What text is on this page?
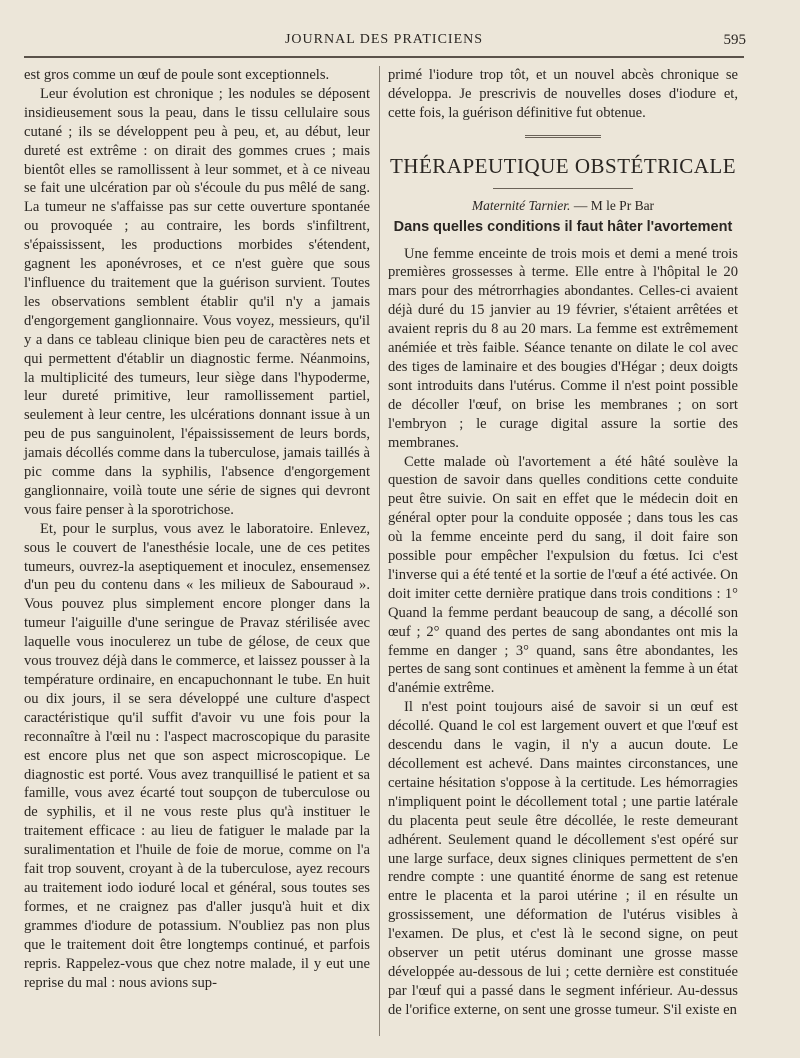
JOURNAL DES PRATICIENS	595

est gros comme un œuf de poule sont exceptionnels.

Leur évolution est chronique ; les nodules se déposent insidieusement sous la peau, dans le tissu cellulaire sous cutané ; ils se développent peu à peu, et, au début, leur dureté est extrême : on dirait des gommes crues ; mais bientôt elles se ramollissent à leur sommet, et à ce niveau se fait une ulcération par où s'écoule du pus mêlé de sang. La tumeur ne s'affaisse pas sur cette ouverture spontanée ou provoquée ; au contraire, les bords s'infiltrent, s'épaississent, les productions morbides s'étendent, gagnent les aponévroses, et ce n'est guère que sous l'influence du traitement que la guérison survient. Toutes les observations semblent établir qu'il n'y a jamais d'engorgement ganglionnaire. Vous voyez, messieurs, qu'il y a dans ce tableau clinique bien peu de caractères nets et qui permettent d'établir un diagnostic ferme. Néanmoins, la multiplicité des tumeurs, leur siège dans l'hypoderme, leur dureté primitive, leur ramollissement partiel, seulement à leur centre, les ulcérations donnant issue à un peu de pus sanguinolent, l'épaississement de leurs bords, jamais décollés comme dans la tuberculose, jamais taillés à pic comme dans la syphilis, l'absence d'engorgement ganglionnaire, voilà toute une série de signes qui devront vous faire penser à la sporotrichose.

Et, pour le surplus, vous avez le laboratoire. Enlevez, sous le couvert de l'anesthésie locale, une de ces petites tumeurs, ouvrez-la aseptiquement et inoculez, ensemensez d'un peu du contenu dans « les milieux de Sabouraud ». Vous pouvez plus simplement encore plonger dans la tumeur l'aiguille d'une seringue de Pravaz stérilisée avec laquelle vous inoculerez un tube de gélose, de ceux que vous trouvez déjà dans le commerce, et laissez pousser à la température ordinaire, en encapuchonnant le tube. En huit ou dix jours, il se sera développé une culture d'aspect caractéristique qu'il suffit d'avoir vu une fois pour la reconnaître à l'œil nu : l'aspect macroscopique du parasite est encore plus net que son aspect microscopique. Le diagnostic est porté. Vous avez tranquillisé le patient et sa famille, vous avez écarté tout soupçon de tuberculose ou de syphilis, et il ne vous reste plus qu'à instituer le traitement efficace : au lieu de fatiguer le malade par la suralimentation et l'huile de foie de morue, comme on l'a fait trop souvent, croyant à de la tuberculose, ayez recours au traitement iodo ioduré local et général, sous toutes ses formes, et ne craignez pas d'aller jusqu'à huit et dix grammes d'iodure de potassium. N'oubliez pas non plus que le traitement doit être longtemps continué, et parfois repris. Rappelez-vous que chez notre malade, il y eut une reprise du mal : nous avions sup-

primé l'iodure trop tôt, et un nouvel abcès chronique se développa. Je prescrivis de nouvelles doses d'iodure et, cette fois, la guérison définitive fut obtenue.

THÉRAPEUTIQUE OBSTÉTRICALE
Maternité Tarnier. — M le Pr Bar
Dans quelles conditions il faut hâter l'avortement

Une femme enceinte de trois mois et demi a mené trois premières grossesses à terme. Elle entre à l'hôpital le 20 mars pour des métrorrhagies abondantes. Celles-ci avaient déjà duré du 15 janvier au 19 février, s'étaient arrêtées et avaient repris du 8 au 20 mars. La femme est extrêmement anémiée et très faible. Séance tenante on dilate le col avec des tiges de laminaire et des bougies d'Hégar ; deux doigts sont introduits dans l'utérus. Comme il n'est point possible de décoller l'œuf, on brise les membranes ; on sort l'embryon ; le curage digital assure la sortie des membranes.

Cette malade où l'avortement a été hâté soulève la question de savoir dans quelles conditions cette conduite peut être suivie. On sait en effet que le médecin doit en général opter pour la conduite opposée ; dans tous les cas où la femme enceinte perd du sang, il doit faire son possible pour empêcher l'expulsion du fœtus. Ici c'est l'inverse qui a été tenté et la sortie de l'œuf a été activée. On doit imiter cette dernière pratique dans trois conditions : 1° Quand la femme perdant beaucoup de sang, a décollé son œuf ; 2° quand des pertes de sang abondantes ont mis la femme en danger ; 3° quand, sans être abondantes, les pertes de sang sont continues et amènent la femme à un état d'anémie extrême.

Il n'est point toujours aisé de savoir si un œuf est décollé. Quand le col est largement ouvert et que l'œuf est descendu dans le vagin, il n'y a aucun doute. Le décollement est achevé. Dans maintes circonstances, une certaine hésitation s'oppose à la certitude. Les hémorragies n'impliquent point le décollement total ; une partie latérale du placenta peut seule être décollée, le reste demeurant adhérent. Seulement quand le décollement s'est opéré sur une large surface, deux signes cliniques permettent de s'en rendre compte : une quantité énorme de sang est retenue entre le placenta et la paroi utérine ; il en résulte un grossissement, une déformation de l'utérus visibles à l'examen. De plus, et c'est là le second signe, on peut observer un petit utérus dominant une grosse masse développée au-dessous de lui ; cette dernière est constituée par l'œuf qui a passé dans le segment inférieur. Au-dessus de l'orifice externe, on sent une grosse tumeur. S'il existe en
